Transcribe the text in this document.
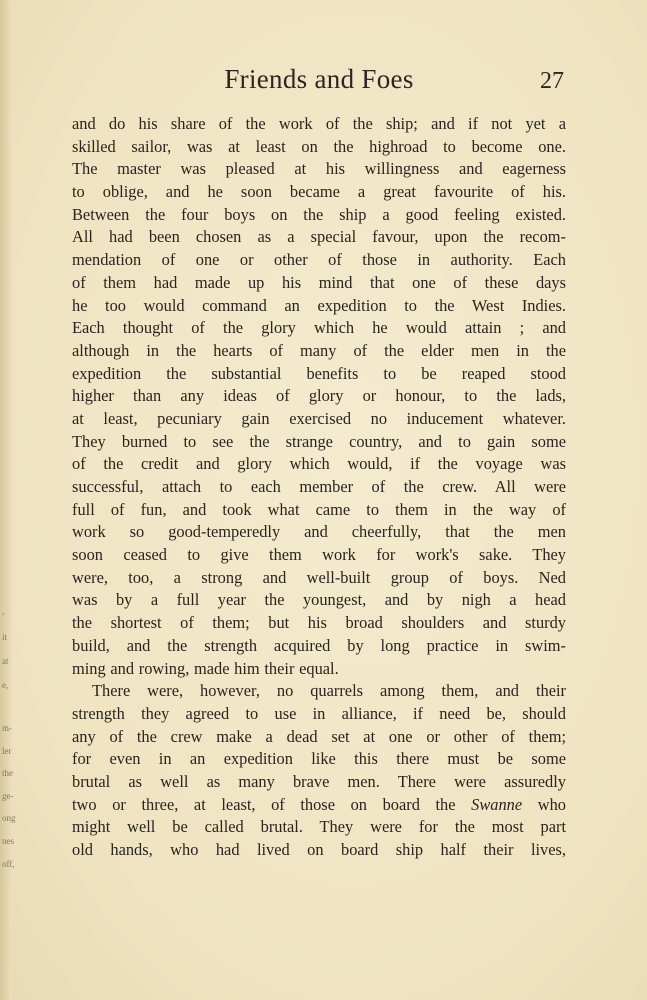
,
it
at
e,
m-
ler
the
ge-
ong
nes
off,
Friends and Foes	27
and do his share of the work of the ship; and if not yet a
skilled sailor, was at least on the highroad to become one.
The master was pleased at his willingness and eagerness
to oblige, and he soon became a great favourite of his.
Between the four boys on the ship a good feeling existed.
All had been chosen as a special favour, upon the recom-
mendation of one or other of those in authority. Each
of them had made up his mind that one of these days
he too would command an expedition to the West Indies.
Each thought of the glory which he would attain ; and
although in the hearts of many of the elder men in the
expedition the substantial benefits to be reaped stood
higher than any ideas of glory or honour, to the lads,
at least, pecuniary gain exercised no inducement whatever.
They burned to see the strange country, and to gain some
of the credit and glory which would, if the voyage was
successful, attach to each member of the crew. All were
full of fun, and took what came to them in the way of
work so good-temperedly and cheerfully, that the men
soon ceased to give them work for work's sake. They
were, too, a strong and well-built group of boys. Ned
was by a full year the youngest, and by nigh a head
the shortest of them; but his broad shoulders and sturdy
build, and the strength acquired by long practice in swim-
ming and rowing, made him their equal.
There were, however, no quarrels among them, and their
strength they agreed to use in alliance, if need be, should
any of the crew make a dead set at one or other of them;
for even in an expedition like this there must be some
brutal as well as many brave men. There were assuredly
two or three, at least, of those on board the Swanne who
might well be called brutal. They were for the most part
old hands, who had lived on board ship half their lives,
